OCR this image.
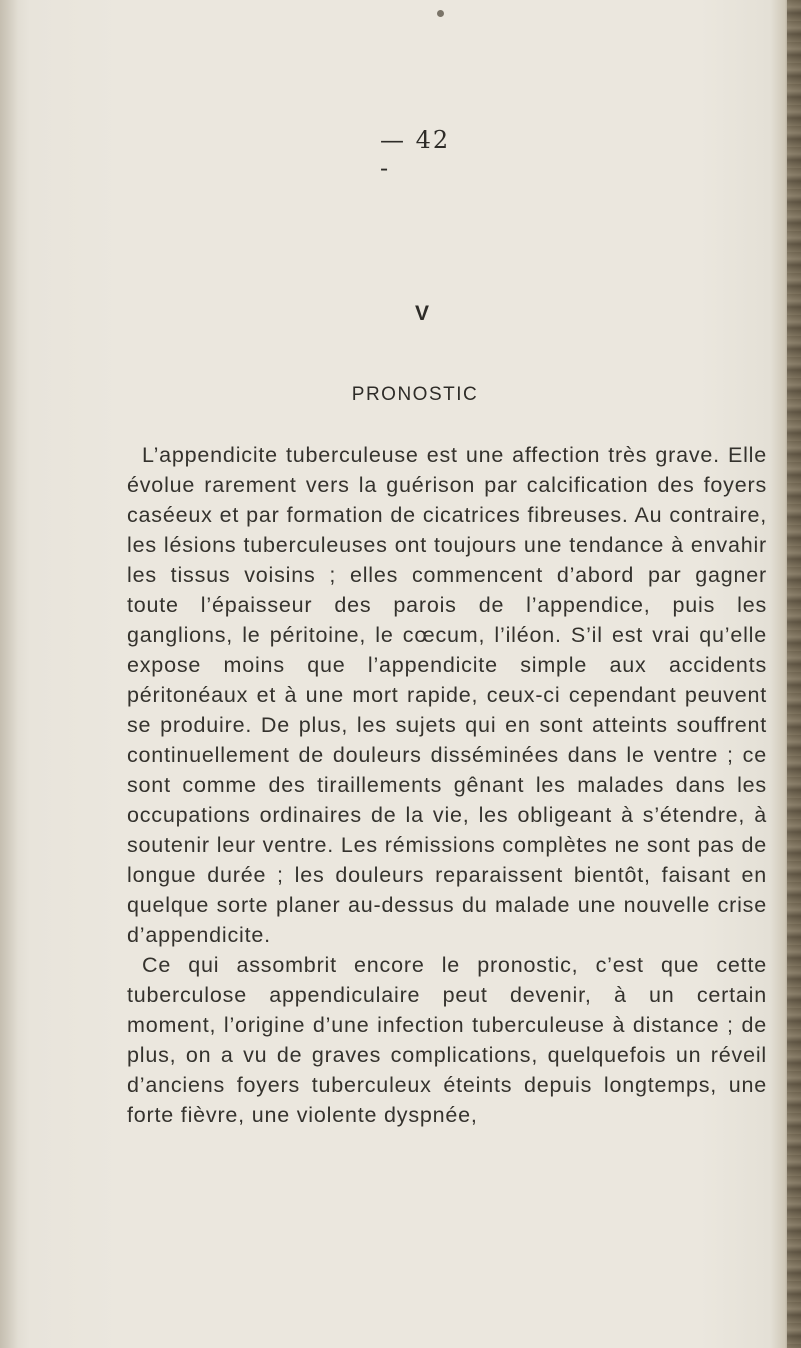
— 42 -
V
PRONOSTIC

L’appendicite tuberculeuse est une affection très grave. Elle évolue rarement vers la guérison par calcification des foyers caséeux et par formation de cicatrices fibreuses. Au contraire, les lésions tuberculeuses ont toujours une tendance à envahir les tissus voisins ; elles commencent d’abord par gagner toute l’épaisseur des parois de l’appendice, puis les ganglions, le péritoine, le cœcum, l’iléon. S’il est vrai qu’elle expose moins que l’appendicite simple aux accidents péritonéaux et à une mort rapide, ceux-ci cependant peuvent se produire. De plus, les sujets qui en sont atteints souffrent continuellement de douleurs disséminées dans le ventre ; ce sont comme des tiraillements gênant les malades dans les occupations ordinaires de la vie, les obligeant à s’étendre, à soutenir leur ventre. Les rémissions complètes ne sont pas de longue durée ; les douleurs reparaissent bientôt, faisant en quelque sorte planer au-dessus du malade une nouvelle crise d’appendicite.

Ce qui assombrit encore le pronostic, c’est que cette tuberculose appendiculaire peut devenir, à un certain moment, l’origine d’une infection tuberculeuse à distance ; de plus, on a vu de graves complications, quelquefois un réveil d’anciens foyers tuberculeux éteints depuis longtemps, une forte fièvre, une violente dyspnée,
